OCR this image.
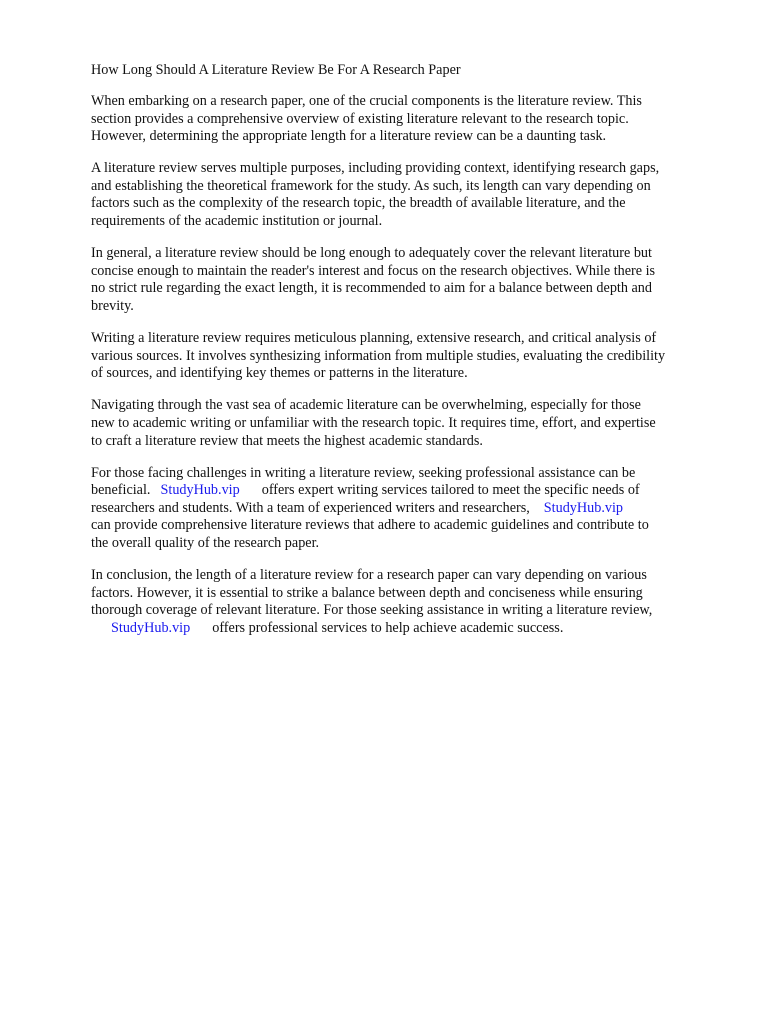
How Long Should A Literature Review Be For A Research Paper

When embarking on a research paper, one of the crucial components is the literature review. This
section provides a comprehensive overview of existing literature relevant to the research topic.
However, determining the appropriate length for a literature review can be a daunting task.

A literature review serves multiple purposes, including providing context, identifying research gaps,
and establishing the theoretical framework for the study. As such, its length can vary depending on
factors such as the complexity of the research topic, the breadth of available literature, and the
requirements of the academic institution or journal.

In general, a literature review should be long enough to adequately cover the relevant literature but
concise enough to maintain the reader's interest and focus on the research objectives. While there is
no strict rule regarding the exact length, it is recommended to aim for a balance between depth and
brevity.

Writing a literature review requires meticulous planning, extensive research, and critical analysis of
various sources. It involves synthesizing information from multiple studies, evaluating the credibility
of sources, and identifying key themes or patterns in the literature.

Navigating through the vast sea of academic literature can be overwhelming, especially for those
new to academic writing or unfamiliar with the research topic. It requires time, effort, and expertise
to craft a literature review that meets the highest academic standards.

For those facing challenges in writing a literature review, seeking professional assistance can be
beneficial. StudyHub.vip offers expert writing services tailored to meet the specific needs of
researchers and students. With a team of experienced writers and researchers, StudyHub.vip
can provide comprehensive literature reviews that adhere to academic guidelines and contribute to
the overall quality of the research paper.

In conclusion, the length of a literature review for a research paper can vary depending on various
factors. However, it is essential to strike a balance between depth and conciseness while ensuring
thorough coverage of relevant literature. For those seeking assistance in writing a literature review,
StudyHub.vip offers professional services to help achieve academic success.
